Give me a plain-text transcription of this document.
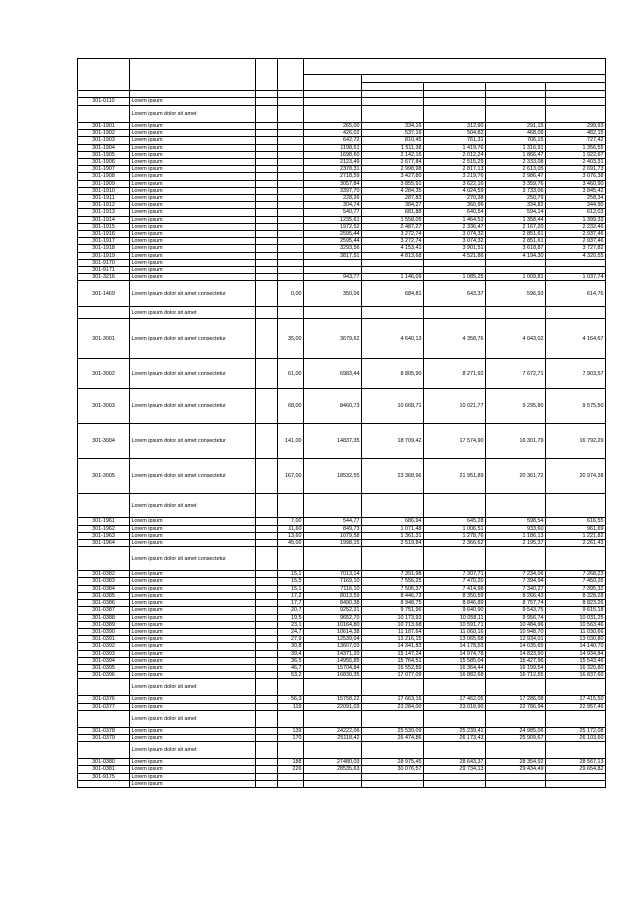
301-0110	Lorem ipsum							
	Lorem ipsum dolor sit amet							
301-1901	Lorem ipsum			265,00	334,16	312,90	291,15	299,93
301-1902	Lorem ipsum			426,02	537,16	504,82	468,06	482,15
301-1903	Lorem ipsum			642,72	810,45	761,31	706,15	727,42
301-1904	Lorem ipsum			1198,51	1 511,38	1 419,76	1 316,91	1 356,55
301-1905	Lorem ipsum			1698,60	2 142,16	2 012,24	1 866,47	1 922,67
301-1906	Lorem ipsum			2123,49	2 677,84	2 515,29	2 333,08	2 403,31
301-1907	Lorem ipsum			2378,31	2 998,98	2 817,13	2 613,05	2 691,73
301-1908	Lorem ipsum			2718,59	3 427,80	3 219,76	2 986,47	3 076,38
301-1909	Lorem ipsum			3057,84	3 855,91	3 622,16	3 359,76	3 460,90
301-1910	Lorem ipsum			3397,70	4 284,35	4 024,59	3 733,06	3 845,42
301-1911	Lorem ipsum			228,26	287,83	270,38	250,79	258,34
301-1912	Lorem ipsum			304,74	384,27	360,96	334,82	344,90
301-1913	Lorem ipsum			540,77	681,88	640,54	594,14	612,03
301-1914	Lorem ipsum			1235,61	1 558,05	1 464,53	1 358,44	1 399,33
301-1915	Lorem ipsum			1972,52	2 487,27	2 336,47	2 167,20	2 232,46
301-1916	Lorem ipsum			2595,44	3 272,74	3 074,32	2 851,61	2 937,46
301-1917	Lorem ipsum			2595,44	3 272,74	3 074,32	2 851,61	2 937,46
301-1918	Lorem ipsum			3293,56	4 153,41	3 901,51	3 618,87	3 727,82
301-1919	Lorem ipsum			3817,51	4 813,68	4 521,86	4 194,30	4 320,55
301-9170	Lorem ipsum							
301-9171	Lorem ipsum							
301-3216	Lorem ipsum			943,77	1 146,09	1 085,25	1 009,81	1 037,74
301-1469	Lorem ipsum dolor sit amet consectetur		0,00	350,06	684,81	643,37	596,93	614,76
	Lorem ipsum dolor sit amet							
301-3001	Lorem ipsum dolor sit amet consectetur		35,00	3679,62	4 640,13	4 358,76	4 043,02	4 164,67
301-3002	Lorem ipsum dolor sit amet consectetur		61,00	6983,44	8 805,90	8 271,92	7 672,71	7 903,57
301-3003	Lorem ipsum dolor sit amet consectetur		68,00	8460,73	10 668,71	10 021,77	9 295,80	9 575,50
301-3004	Lorem ipsum dolor sit amet consectetur		141,00	14837,35	18 709,42	17 574,90	16 301,79	16 792,29
301-3005	Lorem ipsum dolor sit amet consectetur		167,00	18532,55	23 368,96	21 951,89	20 361,72	20 974,38
	Lorem ipsum dolor sit amet							
301-1961	Lorem ipsum		7,00	544,77	686,94	645,28	598,54	616,55
301-1962	Lorem ipsum		11,60	849,73	1 071,48	1 006,51	933,60	961,69
301-1963	Lorem ipsum		13,60	1079,58	1 361,31	1 278,76	1 186,13	1 221,82
301-1964	Lorem ipsum		45,00	1998,15	2 519,84	2 366,62	2 195,37	2 261,43
	Lorem ipsum dolor sit amet consectetur							
301-0382	Lorem ipsum		15,1	7013,14	7 391,98	7 307,71	7 234,06	7 268,23
301-0383	Lorem ipsum		15,5	7169,10	7 556,25	7 470,20	7 394,94	7 450,26
301-0384	Lorem ipsum		15,1	7116,10	7 506,37	7 414,98	7 340,27	7 395,32
301-0385	Lorem ipsum		17,2	8013,59	8 446,73	8 350,59	8 266,43	8 328,28
301-0386	Lorem ipsum		17,7	8490,38	8 948,75	8 846,89	8 757,74	8 823,26
301-0387	Lorem ipsum		20,7	9252,31	9 751,96	9 640,90	9 543,75	9 615,18
301-0388	Lorem ipsum		19,5	9652,70	10 173,93	10 058,11	9 956,74	10 031,25
301-0389	Lorem ipsum		23,1	10164,80	10 713,68	10 591,71	10 484,96	10 563,46
301-0390	Lorem ipsum		24,7	10614,38	11 187,64	11 060,16	10 948,70	11 030,66
301-0391	Lorem ipsum		27,9	12539,04	13 216,15	13 065,68	12 934,01	13 030,80
301-0392	Lorem ipsum		30,8	13607,03	14 341,83	14 178,53	14 035,65	14 140,70
301-0393	Lorem ipsum		39,4	14371,20	15 147,24	14 974,78	14 823,90	14 934,84
301-0394	Lorem ipsum		36,5	14956,85	15 764,51	15 585,04	15 427,96	15 543,46
301-0395	Lorem ipsum		46,7	15704,84	16 552,89	16 364,44	16 199,54	16 320,80
301-0396	Lorem ipsum		53,2	16830,35	17 077,09	16 882,68	16 712,55	16 837,60
	Lorem ipsum dolor sit amet							
301-0376	Lorem ipsum		56,3	15758,22	17 663,16	17 462,05	17 286,08	17 415,50
301-0377	Lorem ipsum		119	22091,03	23 284,00	23 018,90	22 786,94	22 957,46
	Lorem ipsum dolor sit amet							
301-0378	Lorem ipsum		139	24222,06	25 530,09	25 239,41	24 985,06	25 172,08
301-0379	Lorem ipsum		170	25118,42	26 474,86	26 173,43	25 909,67	26 103,60
	Lorem ipsum dolor sit amet							
301-0380	Lorem ipsum		188	27480,03	28 975,45	28 643,37	28 354,92	28 567,13
301-0381	Lorem ipsum		226	28535,63	30 076,57	29 734,13	29 434,49	29 654,82
301-9175	Lorem ipsum							
	Lorem ipsum							
